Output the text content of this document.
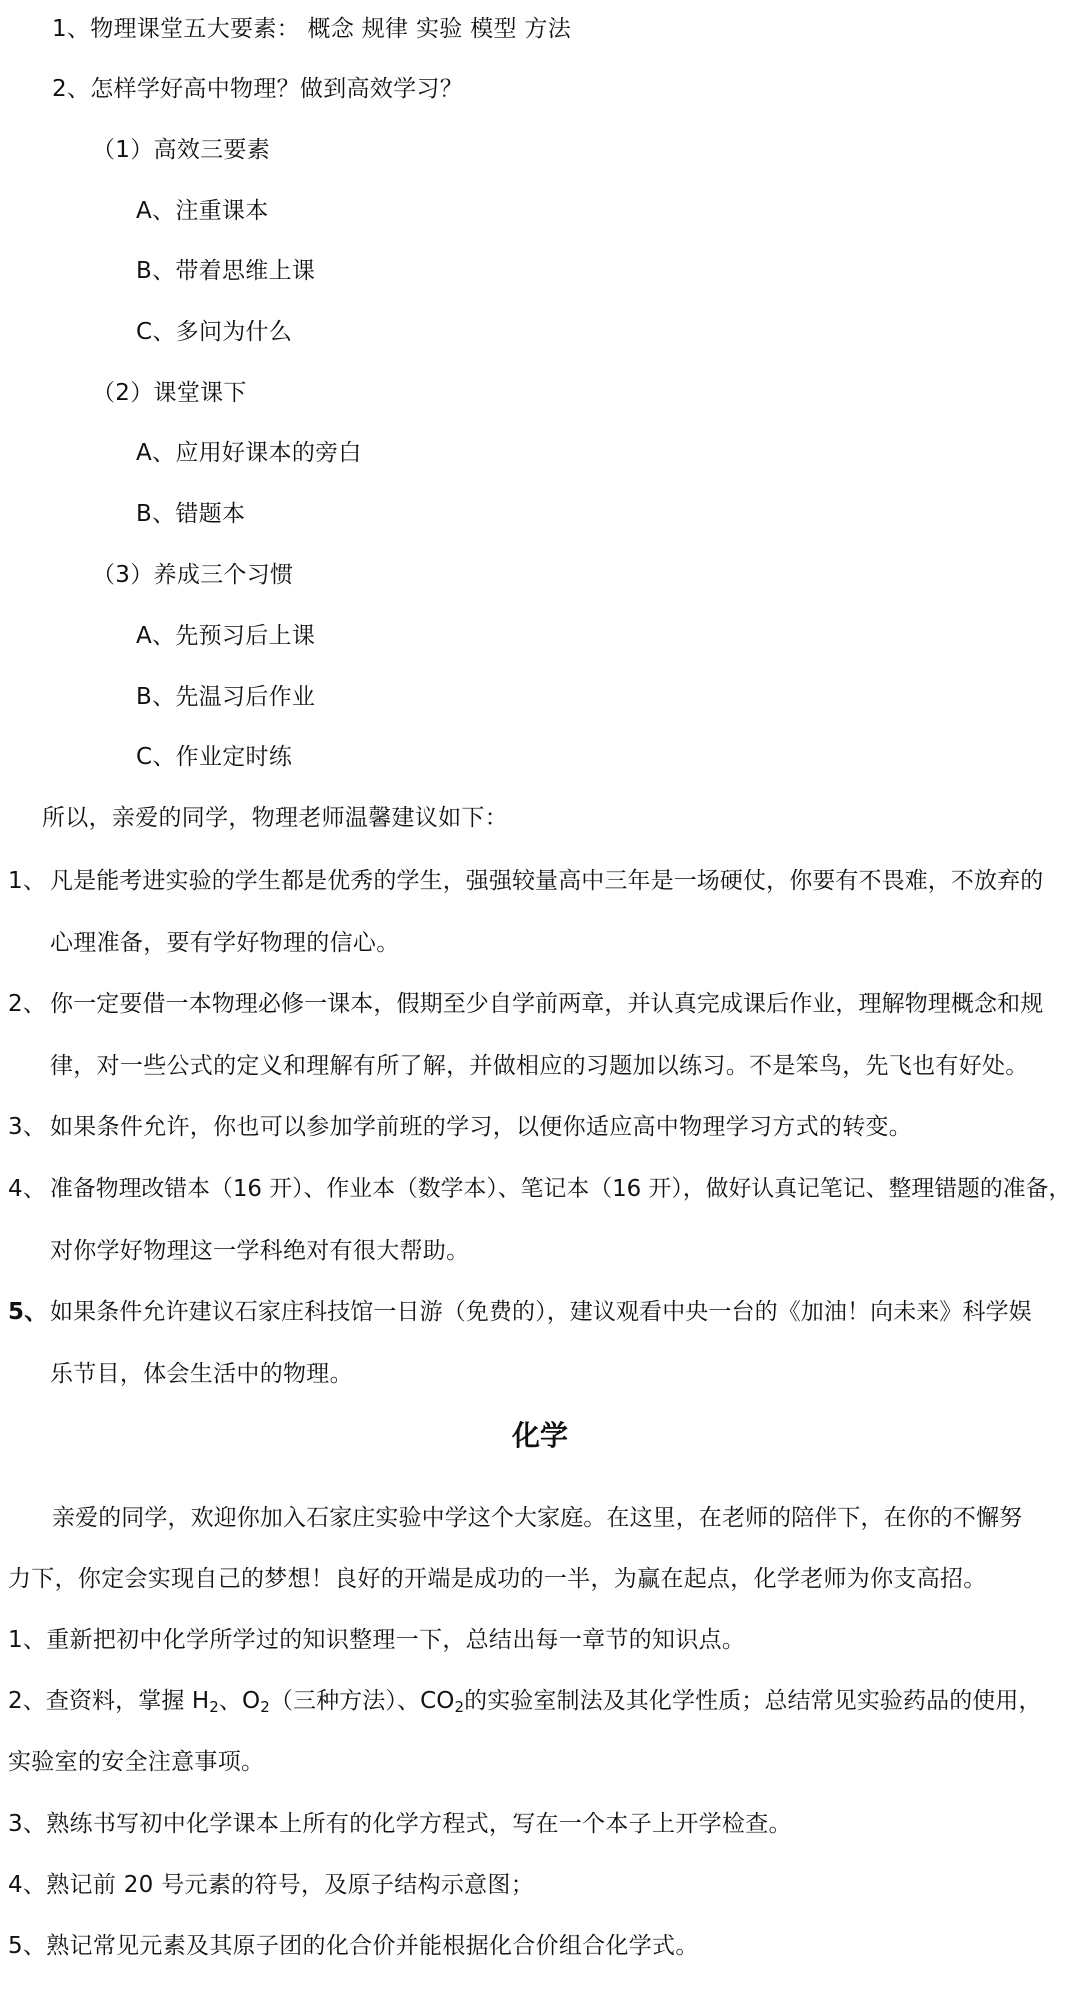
1、物理课堂五大要素： 概念 规律 实验 模型 方法
2、怎样学好高中物理？做到高效学习？
（1）高效三要素
A、注重课本
B、带着思维上课
C、多问为什么
（2）课堂课下
A、应用好课本的旁白
B、错题本
（3）养成三个习惯
A、先预习后上课
B、先温习后作业
C、作业定时练
所以，亲爱的同学，物理老师温馨建议如下：
1、 凡是能考进实验的学生都是优秀的学生，强强较量高中三年是一场硬仗，你要有不畏难，不放弃的
心理准备，要有学好物理的信心。
2、 你一定要借一本物理必修一课本，假期至少自学前两章，并认真完成课后作业，理解物理概念和规
律，对一些公式的定义和理解有所了解，并做相应的习题加以练习。不是笨鸟，先飞也有好处。
3、 如果条件允许，你也可以参加学前班的学习，以便你适应高中物理学习方式的转变。
4、 准备物理改错本（16 开）、作业本（数学本）、笔记本（16 开），做好认真记笔记、整理错题的准备，
对你学好物理这一学科绝对有很大帮助。
5、 如果条件允许建议石家庄科技馆一日游（免费的），建议观看中央一台的《加油！向未来》科学娱
乐节目，体会生活中的物理。
化学
亲爱的同学，欢迎你加入石家庄实验中学这个大家庭。在这里，在老师的陪伴下，在你的不懈努
力下，你定会实现自己的梦想！良好的开端是成功的一半，为赢在起点，化学老师为你支高招。
1、重新把初中化学所学过的知识整理一下，总结出每一章节的知识点。
2、查资料，掌握 $H_2$、$O_2$（三种方法）、$CO_2$的实验室制法及其化学性质；总结常见实验药品的使用，
实验室的安全注意事项。
3、熟练书写初中化学课本上所有的化学方程式，写在一个本子上开学检查。
4、熟记前 20 号元素的符号，及原子结构示意图；
5、熟记常见元素及其原子团的化合价并能根据化合价组合化学式。
